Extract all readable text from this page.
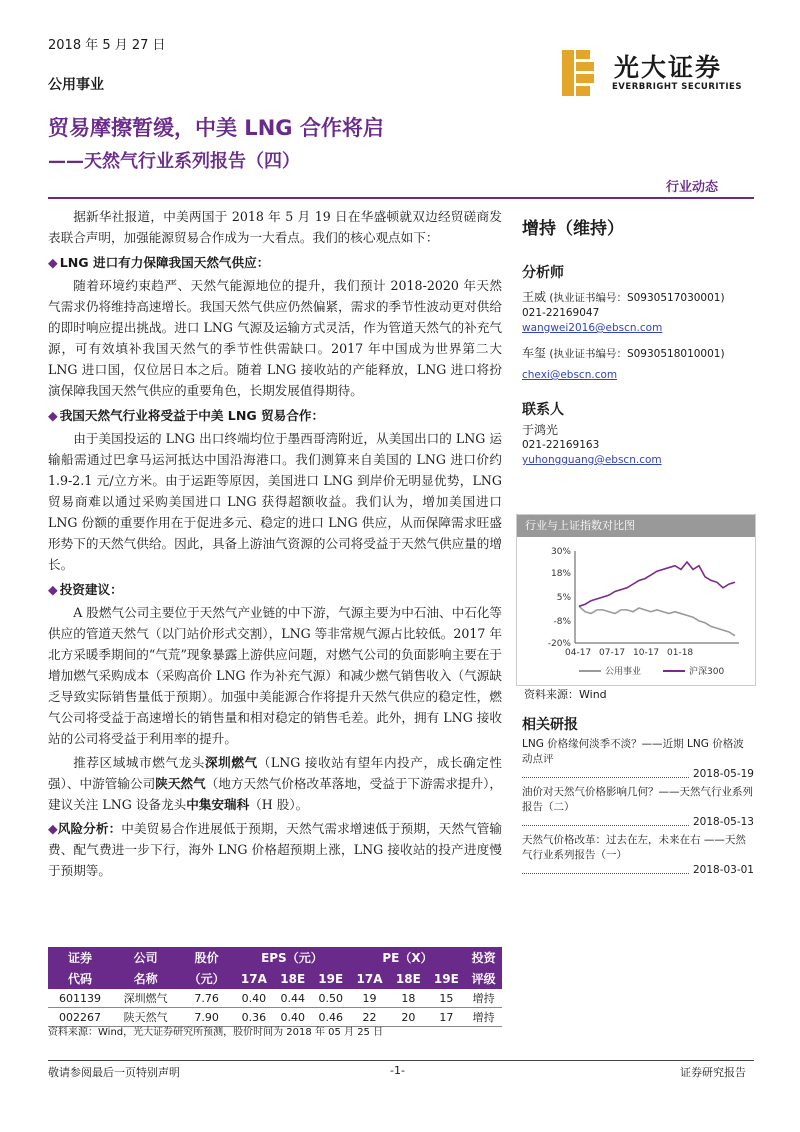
2018 年 5 月 27 日
公用事业
贸易摩擦暂缓，中美 LNG 合作将启
——天然气行业系列报告（四）
光大证券
EVERBRIGHT SECURITIES
行业动态

据新华社报道，中美两国于 2018 年 5 月 19 日在华盛顿就双边经贸磋商发表联合声明，加强能源贸易合作成为一大看点。我们的核心观点如下：

◆ LNG 进口有力保障我国天然气供应：

随着环境约束趋严、天然气能源地位的提升，我们预计 2018-2020 年天然气需求仍将维持高速增长。我国天然气供应仍然偏紧，需求的季节性波动更对供给的即时响应提出挑战。进口 LNG 气源及运输方式灵活，作为管道天然气的补充气源，可有效填补我国天然气的季节性供需缺口。2017 年中国成为世界第二大 LNG 进口国，仅位居日本之后。随着 LNG 接收站的产能释放，LNG 进口将扮演保障我国天然气供应的重要角色，长期发展值得期待。

◆ 我国天然气行业将受益于中美 LNG 贸易合作：

由于美国投运的 LNG 出口终端均位于墨西哥湾附近，从美国出口的 LNG 运输船需通过巴拿马运河抵达中国沿海港口。我们测算来自美国的 LNG 进口价约 1.9-2.1 元/立方米。由于运距等原因，美国进口 LNG 到岸价无明显优势，LNG 贸易商难以通过采购美国进口 LNG 获得超额收益。我们认为，增加美国进口 LNG 份额的重要作用在于促进多元、稳定的进口 LNG 供应，从而保障需求旺盛形势下的天然气供给。因此，具备上游油气资源的公司将受益于天然气供应量的增长。

◆ 投资建议：

A 股燃气公司主要位于天然气产业链的中下游，气源主要为中石油、中石化等供应的管道天然气（以门站价形式交割），LNG 等非常规气源占比较低。2017 年北方采暖季期间的“气荒”现象暴露上游供应问题，对燃气公司的负面影响主要在于增加燃气采购成本（采购高价 LNG 作为补充气源）和减少燃气销售收入（气源缺乏导致实际销售量低于预期）。加强中美能源合作将提升天然气供应的稳定性，燃气公司将受益于高速增长的销售量和相对稳定的销售毛差。此外，拥有 LNG 接收站的公司将受益于利用率的提升。

推荐区域城市燃气龙头深圳燃气（LNG 接收站有望年内投产，成长确定性强）、中游管输公司陕天然气（地方天然气价格改革落地，受益于下游需求提升），建议关注 LNG 设备龙头中集安瑞科（H 股）。

◆风险分析：中美贸易合作进展低于预期，天然气需求增速低于预期，天然气管输费、配气费进一步下行，海外 LNG 价格超预期上涨，LNG 接收站的投产进度慢于预期等。

证券	公司	股价	EPS（元）			PE（X）			投资
代码	名称	（元）	17A	18E	19E	17A	18E	19E	评级
601139	深圳燃气	7.76	0.40	0.44	0.50	19	18	15	增持
002267	陕天然气	7.90	0.36	0.40	0.46	22	20	17	增持
资料来源：Wind，光大证券研究所预测，股价时间为 2018 年 05 月 25 日
增持（维持）
分析师
王威 (执业证书编号：S0930517030001)
021-22169047
wangwei2016@ebscn.com
车玺 (执业证书编号：S0930518010001)
chexi@ebscn.com
联系人
于鸿光
021-22169163
yuhongguang@ebscn.com
行业与上证指数对比图
30%
18%
5%
-8%
-20%
04-17 07-17 10-17 01-18
公用事业	沪深300
资料来源：Wind
相关研报
LNG 价格缘何淡季不淡？——近期 LNG 价格波动点评
2018-05-19
油价对天然气价格影响几何？——天然气行业系列报告（二）
2018-05-13
天然气价格改革：过去在左，未来在右 ——天然气行业系列报告（一）
2018-03-01
敬请参阅最后一页特别声明	-1-	证券研究报告
